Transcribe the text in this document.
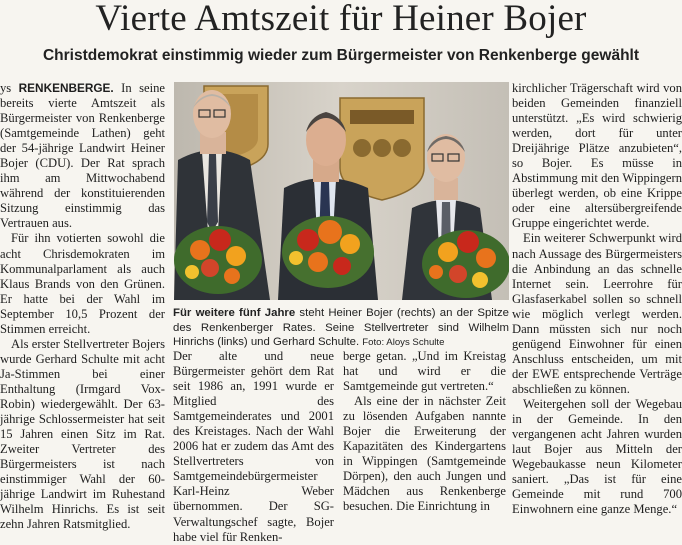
Vierte Amtszeit für Heiner Bojer
Christdemokrat einstimmig wieder zum Bürgermeister von Renkenberge gewählt

ys RENKENBERGE. In seine bereits vierte Amtszeit als Bürgermeister von Renkenberge (Samtgemeinde Lathen) geht der 54-jährige Landwirt Heiner Bojer (CDU). Der Rat sprach ihm am Mittwochabend während der konstituierenden Sitzung einstimmig das Vertrauen aus.

Für ihn votierten sowohl die acht Chrisdemokraten im Kommunalparlament als auch Klaus Brands von den Grünen. Er hatte bei der Wahl im September 10,5 Prozent der Stimmen erreicht.

Als erster Stellvertreter Bojers wurde Gerhard Schulte mit acht Ja-Stimmen bei einer Enthaltung (Irmgard Vox-Robin) wiedergewählt. Der 63-jährige Schlossermeister hat seit 15 Jahren einen Sitz im Rat. Zweiter Vertreter des Bürgermeisters ist nach einstimmiger Wahl der 60-jährige Landwirt im Ruhestand Wilhelm Hinrichs. Es ist seit zehn Jahren Ratsmitglied.

Für weitere fünf Jahre steht Heiner Bojer (rechts) an der Spitze des Renkenberger Rates. Seine Stellvertreter sind Wilhelm Hinrichs (links) und Gerhard Schulte. Foto: Aloys Schulte

Der alte und neue Bürgermeister gehört dem Rat seit 1986 an, 1991 wurde er Mitglied des Samtgemeinderates und 2001 des Kreistages. Nach der Wahl 2006 hat er zudem das Amt des Stellvertreters von Samtgemeindebürgermeister Karl-Heinz Weber übernommen. Der SG-Verwaltungschef sagte, Bojer habe viel für Renken-

berge getan. „Und im Kreistag hat und wird er die Samtgemeinde gut vertreten.“

Als eine der in nächster Zeit zu lösenden Aufgaben nannte Bojer die Erweiterung der Kapazitäten des Kindergartens in Wippingen (Samtgemeinde Dörpen), den auch Jungen und Mädchen aus Renkenberge besuchen. Die Einrichtung in

kirchlicher Trägerschaft wird von beiden Gemeinden finanziell unterstützt. „Es wird schwierig werden, dort für unter Dreijährige Plätze anzubieten“, so Bojer. Es müsse in Abstimmung mit den Wippingern überlegt werden, ob eine Krippe oder eine altersübergreifende Gruppe eingerichtet werde.

Ein weiterer Schwerpunkt wird nach Aussage des Bürgermeisters die Anbindung an das schnelle Internet sein. Leerrohre für Glasfaserkabel sollen so schnell wie möglich verlegt werden. Dann müssten sich nur noch genügend Einwohner für einen Anschluss entscheiden, um mit der EWE entsprechende Verträge abschließen zu können.

Weitergehen soll der Wegebau in der Gemeinde. In den vergangenen acht Jahren wurden laut Bojer aus Mitteln der Wegebaukasse neun Kilometer saniert. „Das ist für eine Gemeinde mit rund 700 Einwohnern eine ganze Menge.“
